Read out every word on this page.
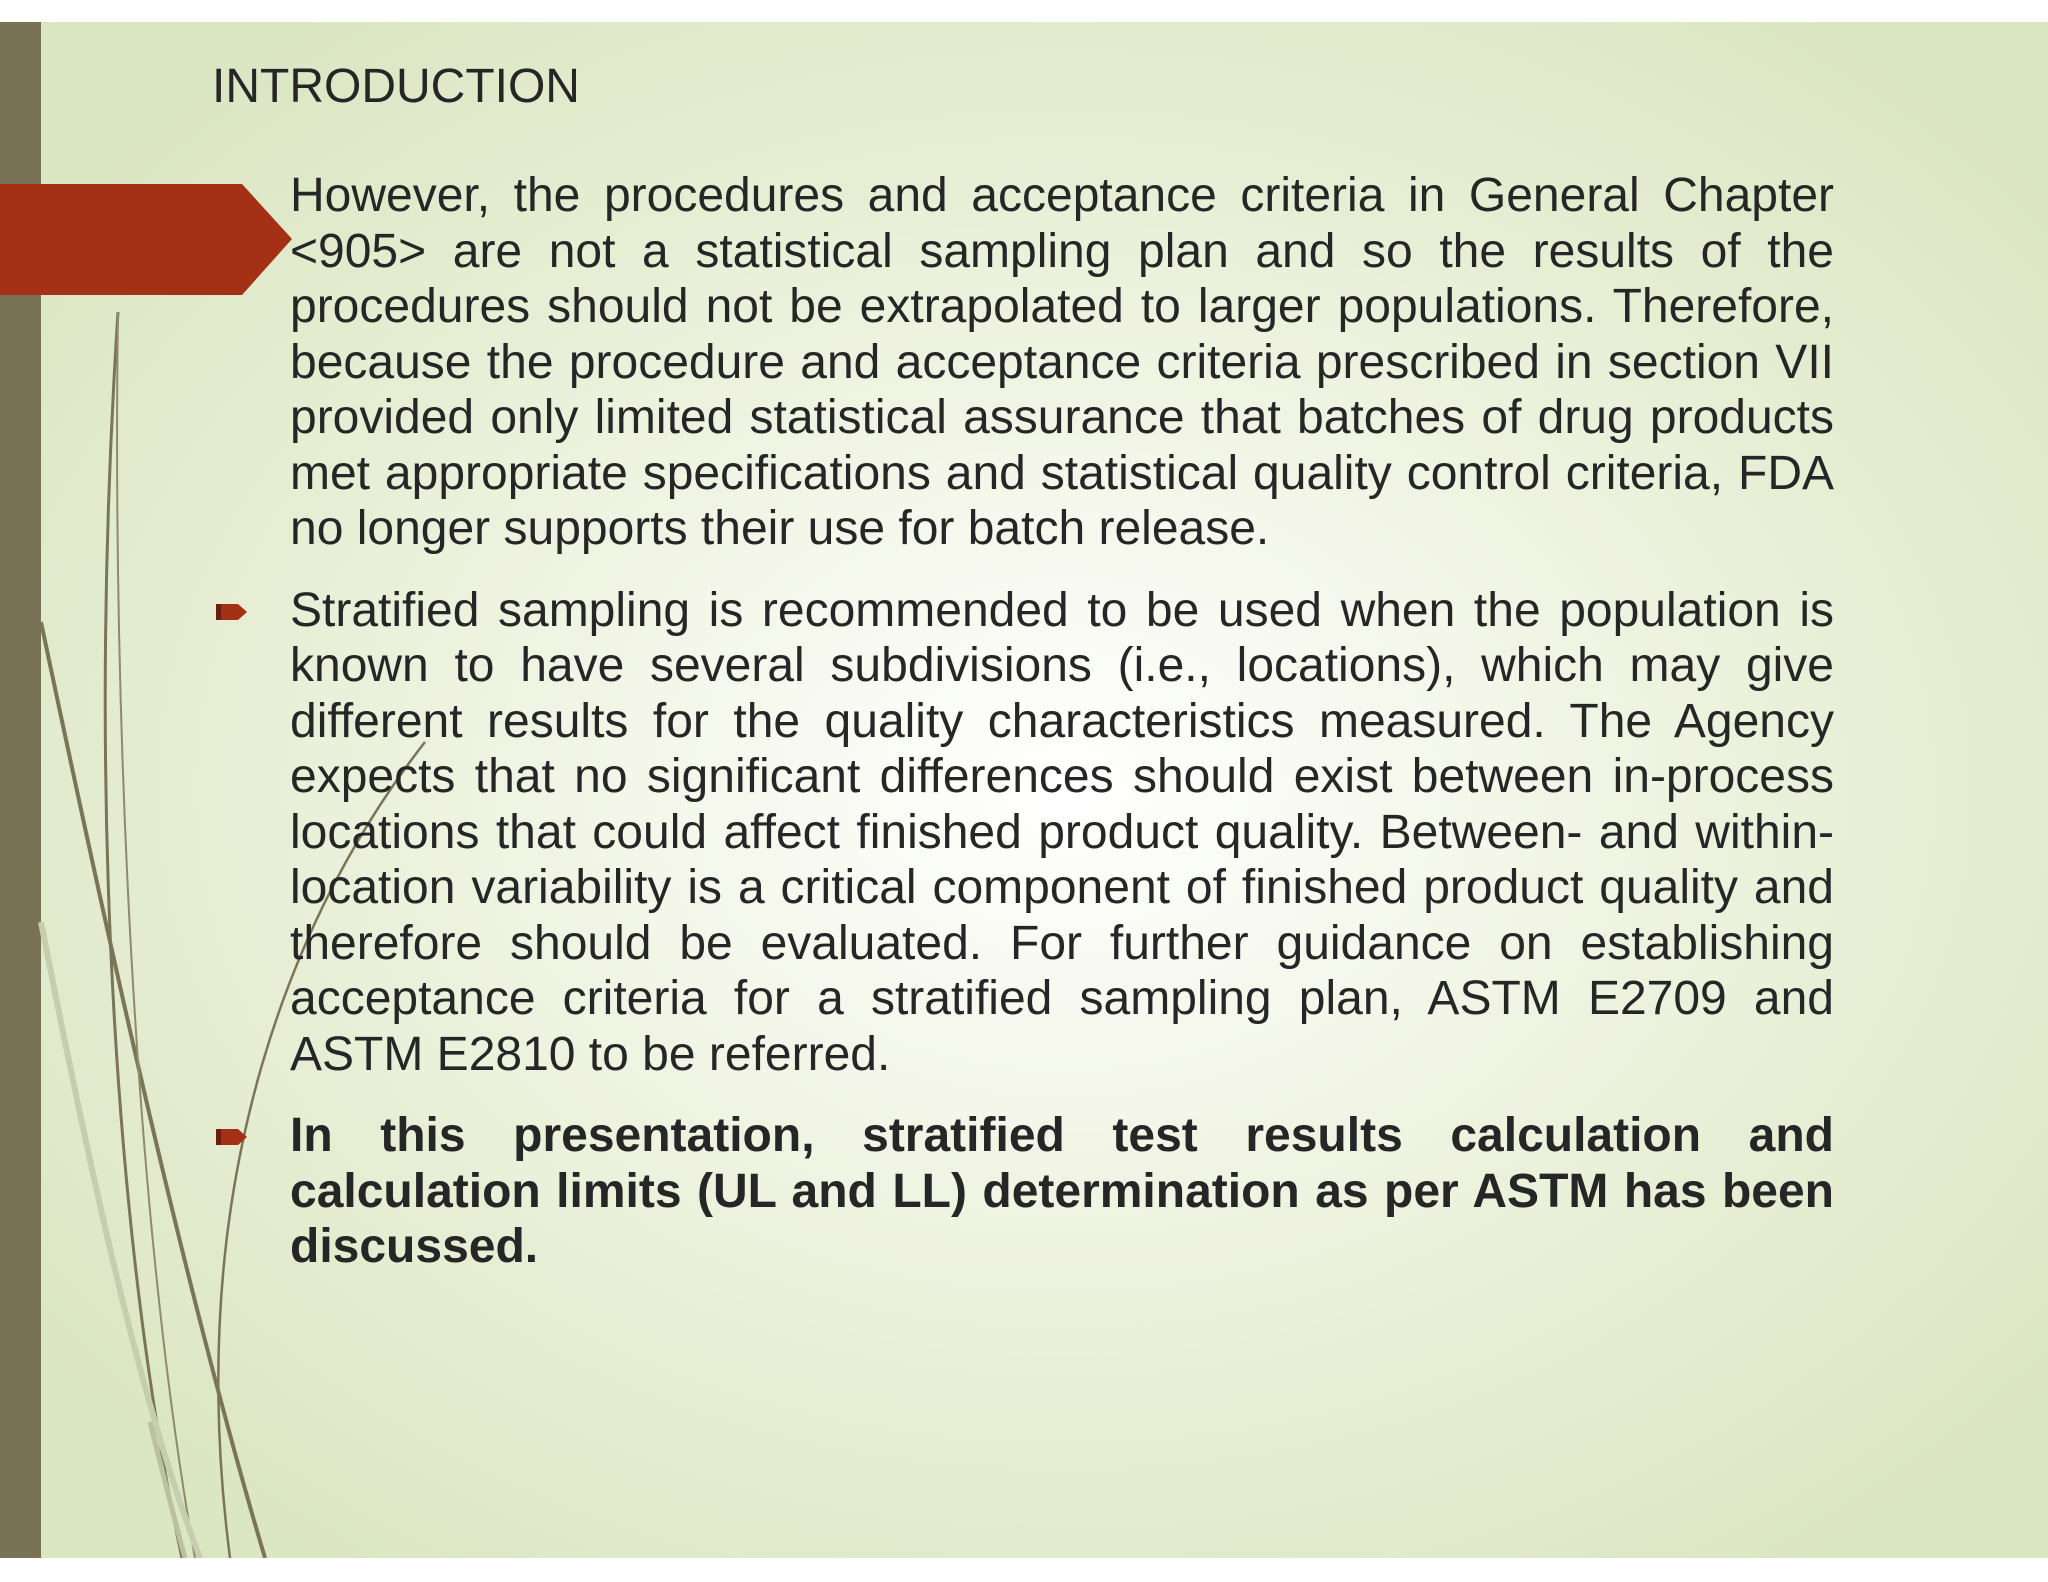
INTRODUCTION

However, the procedures and acceptance criteria in General Chapter <905> are not a statistical sampling plan and so the results of the procedures should not be extrapolated to larger populations. Therefore, because the procedure and acceptance criteria prescribed in section VII provided only limited statistical assurance that batches of drug products met appropriate specifications and statistical quality control criteria, FDA no longer supports their use for batch release.

Stratified sampling is recommended to be used when the population is known to have several subdivisions (i.e., locations), which may give different results for the quality characteristics measured. The Agency expects that no significant differences should exist between in-process locations that could affect finished product quality. Between- and within-location variability is a critical component of finished product quality and therefore should be evaluated. For further guidance on establishing acceptance criteria for a stratified sampling plan, ASTM E2709 and ASTM E2810 to be referred.
In this presentation, stratified test results calculation and calculation limits (UL and LL) determination as per ASTM has been discussed.
